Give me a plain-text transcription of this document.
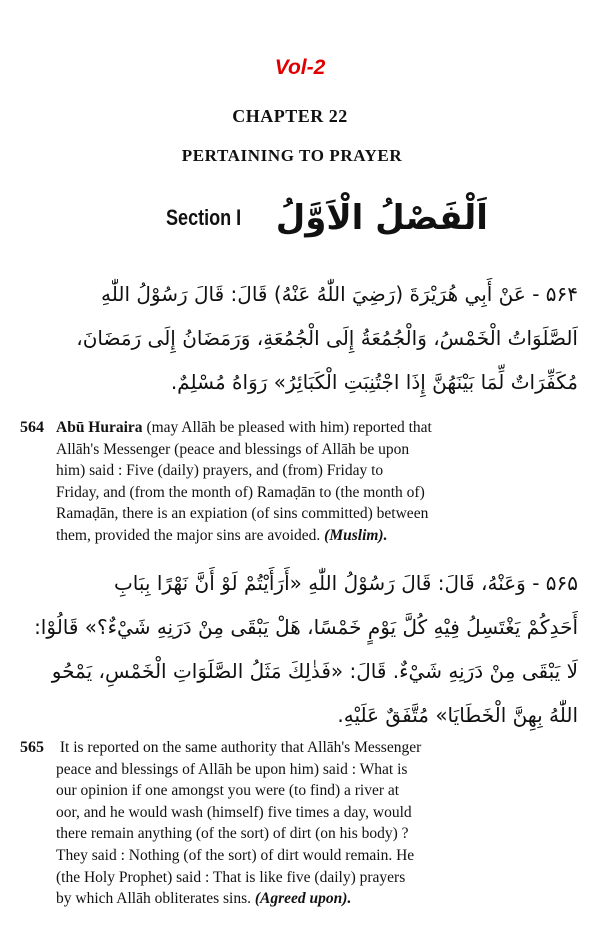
Vol-2
CHAPTER 22
PERTAINING TO PRAYER
Section I اَلْفَصْلُ الْاَوَّلُ
۵۶۴ - عَنْ أَبِي هُرَيْرَةَ (رَضِيَ اللّٰهُ عَنْهُ) قَالَ: قَالَ رَسُوْلُ اللّٰهِ
اَلصَّلَوَاتُ الْخَمْسُ، وَالْجُمُعَةُ إِلَى الْجُمُعَةِ، وَرَمَضَانُ إِلَى رَمَضَانَ،
مُكَفِّرَاتٌ لِّمَا بَيْنَهُنَّ إِذَا اجْتُنِبَتِ الْكَبَائِرُ» رَوَاهُ مُسْلِمٌ.
564 Abū Huraira (may Allāh be pleased with him) reported that
Allāh's Messenger (peace and blessings of Allāh be upon
him) said : Five (daily) prayers, and (from) Friday to
Friday, and (from the month of) Ramaḍān to (the month of)
Ramaḍān, there is an expiation (of sins committed) between
them, provided the major sins are avoided. (Muslim).
۵۶۵ - وَعَنْهُ، قَالَ: قَالَ رَسُوْلُ اللّٰهِ «أَرَأَيْتُمْ لَوْ أَنَّ نَهْرًا بِبَابِ
أَحَدِكُمْ يَغْتَسِلُ فِيْهِ كُلَّ يَوْمٍ خَمْسًا، هَلْ يَبْقَى مِنْ دَرَنِهِ شَيْءٌ؟» قَالُوْا:
لَا يَبْقَى مِنْ دَرَنِهِ شَيْءٌ. قَالَ: «فَذٰلِكَ مَثَلُ الصَّلَوَاتِ الْخَمْسِ، يَمْحُو
اللّٰهُ بِهِنَّ الْخَطَايَا» مُتَّفَقٌ عَلَيْهِ.
565 It is reported on the same authority that Allāh's Messenger
peace and blessings of Allāh be upon him) said : What is
our opinion if one amongst you were (to find) a river at
oor, and he would wash (himself) five times a day, would
there remain anything (of the sort) of dirt (on his body) ?
They said : Nothing (of the sort) of dirt would remain. He
(the Holy Prophet) said : That is like five (daily) prayers
by which Allāh obliterates sins. (Agreed upon).
